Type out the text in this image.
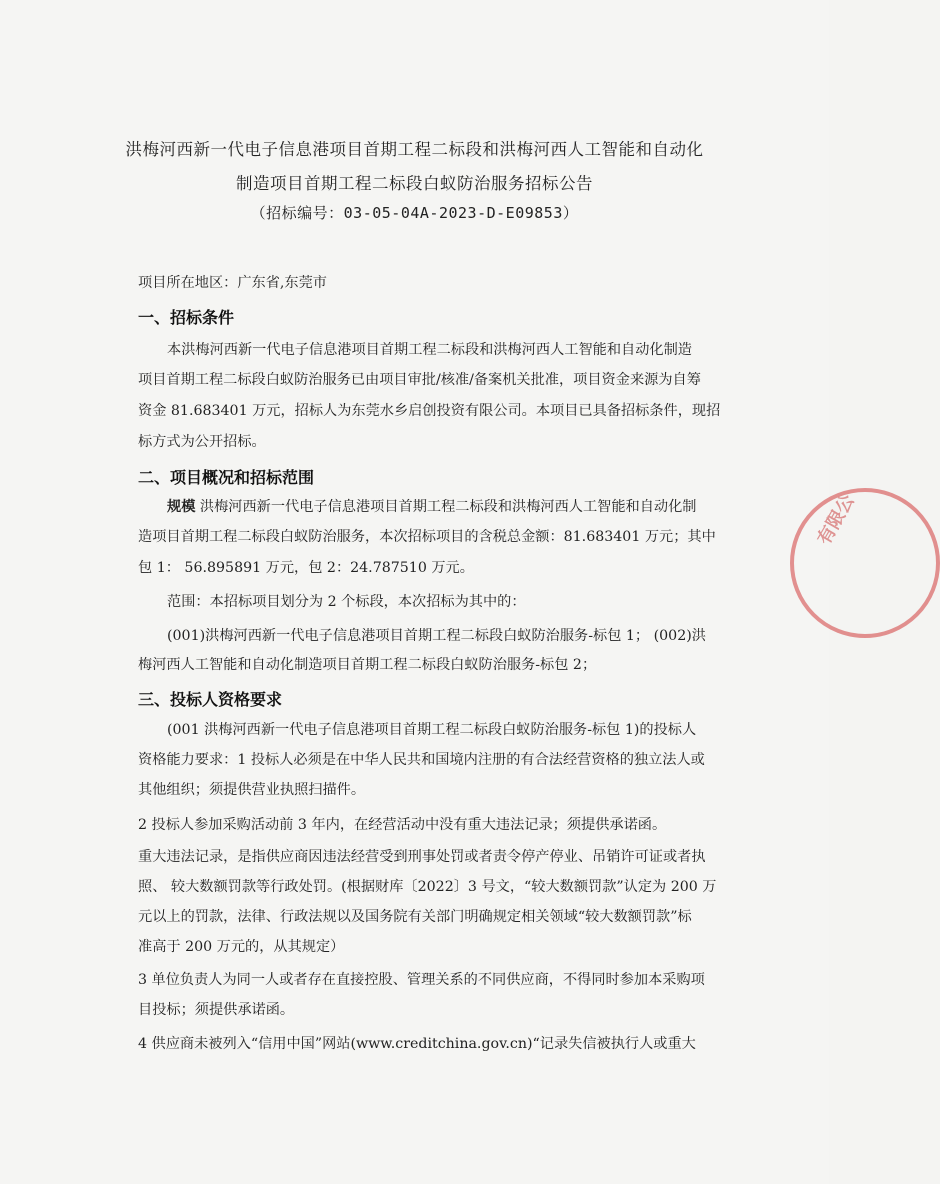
洪梅河西新一代电子信息港项目首期工程二标段和洪梅河西人工智能和自动化
制造项目首期工程二标段白蚁防治服务招标公告
（招标编号：03-05-04A-2023-D-E09853）
项目所在地区：广东省,东莞市
一、招标条件
本洪梅河西新一代电子信息港项目首期工程二标段和洪梅河西人工智能和自动化制造
项目首期工程二标段白蚁防治服务已由项目审批/核准/备案机关批准，项目资金来源为自筹
资金 81.683401 万元，招标人为东莞水乡启创投资有限公司。本项目已具备招标条件，现招
标方式为公开招标。
二、项目概况和招标范围
规模 洪梅河西新一代电子信息港项目首期工程二标段和洪梅河西人工智能和自动化制
造项目首期工程二标段白蚁防治服务，本次招标项目的含税总金额：81.683401 万元；其中
包 1： 56.895891 万元，包 2：24.787510 万元。
范围：本招标项目划分为 2 个标段，本次招标为其中的：
(001)洪梅河西新一代电子信息港项目首期工程二标段白蚁防治服务-标包 1； (002)洪
梅河西人工智能和自动化制造项目首期工程二标段白蚁防治服务-标包 2；
三、投标人资格要求
(001 洪梅河西新一代电子信息港项目首期工程二标段白蚁防治服务-标包 1)的投标人
资格能力要求：1 投标人必须是在中华人民共和国境内注册的有合法经营资格的独立法人或
其他组织；须提供营业执照扫描件。
2 投标人参加采购活动前 3 年内，在经营活动中没有重大违法记录；须提供承诺函。
重大违法记录，是指供应商因违法经营受到刑事处罚或者责令停产停业、吊销许可证或者执
照、 较大数额罚款等行政处罚。(根据财库〔2022〕3 号文，“较大数额罚款”认定为 200 万
元以上的罚款，法律、行政法规以及国务院有关部门明确规定相关领域“较大数额罚款”标
准高于 200 万元的，从其规定）
3 单位负责人为同一人或者存在直接控股、管理关系的不同供应商，不得同时参加本采购项
目投标；须提供承诺函。
4 供应商未被列入“信用中国”网站(www.creditchina.gov.cn)“记录失信被执行人或重大
有限公
